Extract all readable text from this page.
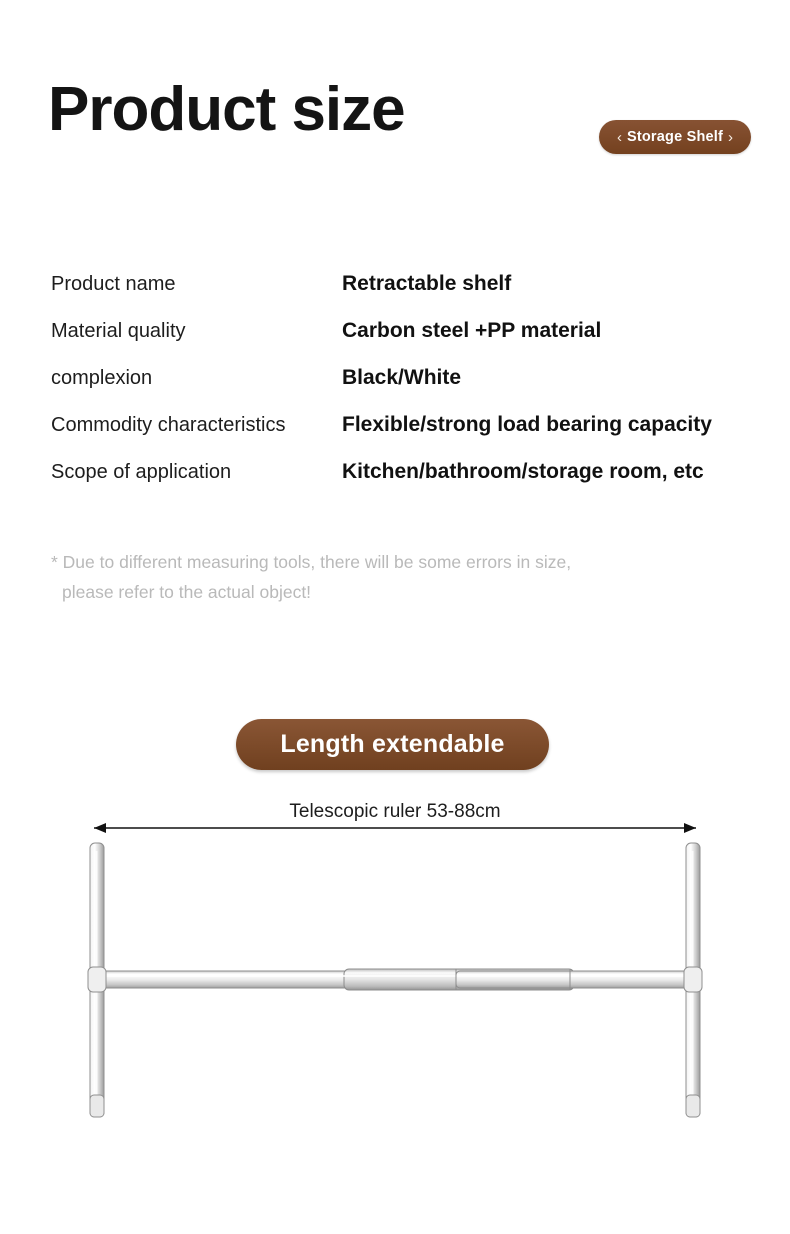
Product size	‹ Storage Shelf ›
Product name	Retractable shelf
Material quality	Carbon steel +PP material
complexion	Black/White
Commodity characteristics	Flexible/strong load bearing capacity
Scope of application	Kitchen/bathroom/storage room, etc
* Due to different measuring tools, there will be some errors in size,
please refer to the actual object!
Length extendable
Telescopic ruler 53-88cm
